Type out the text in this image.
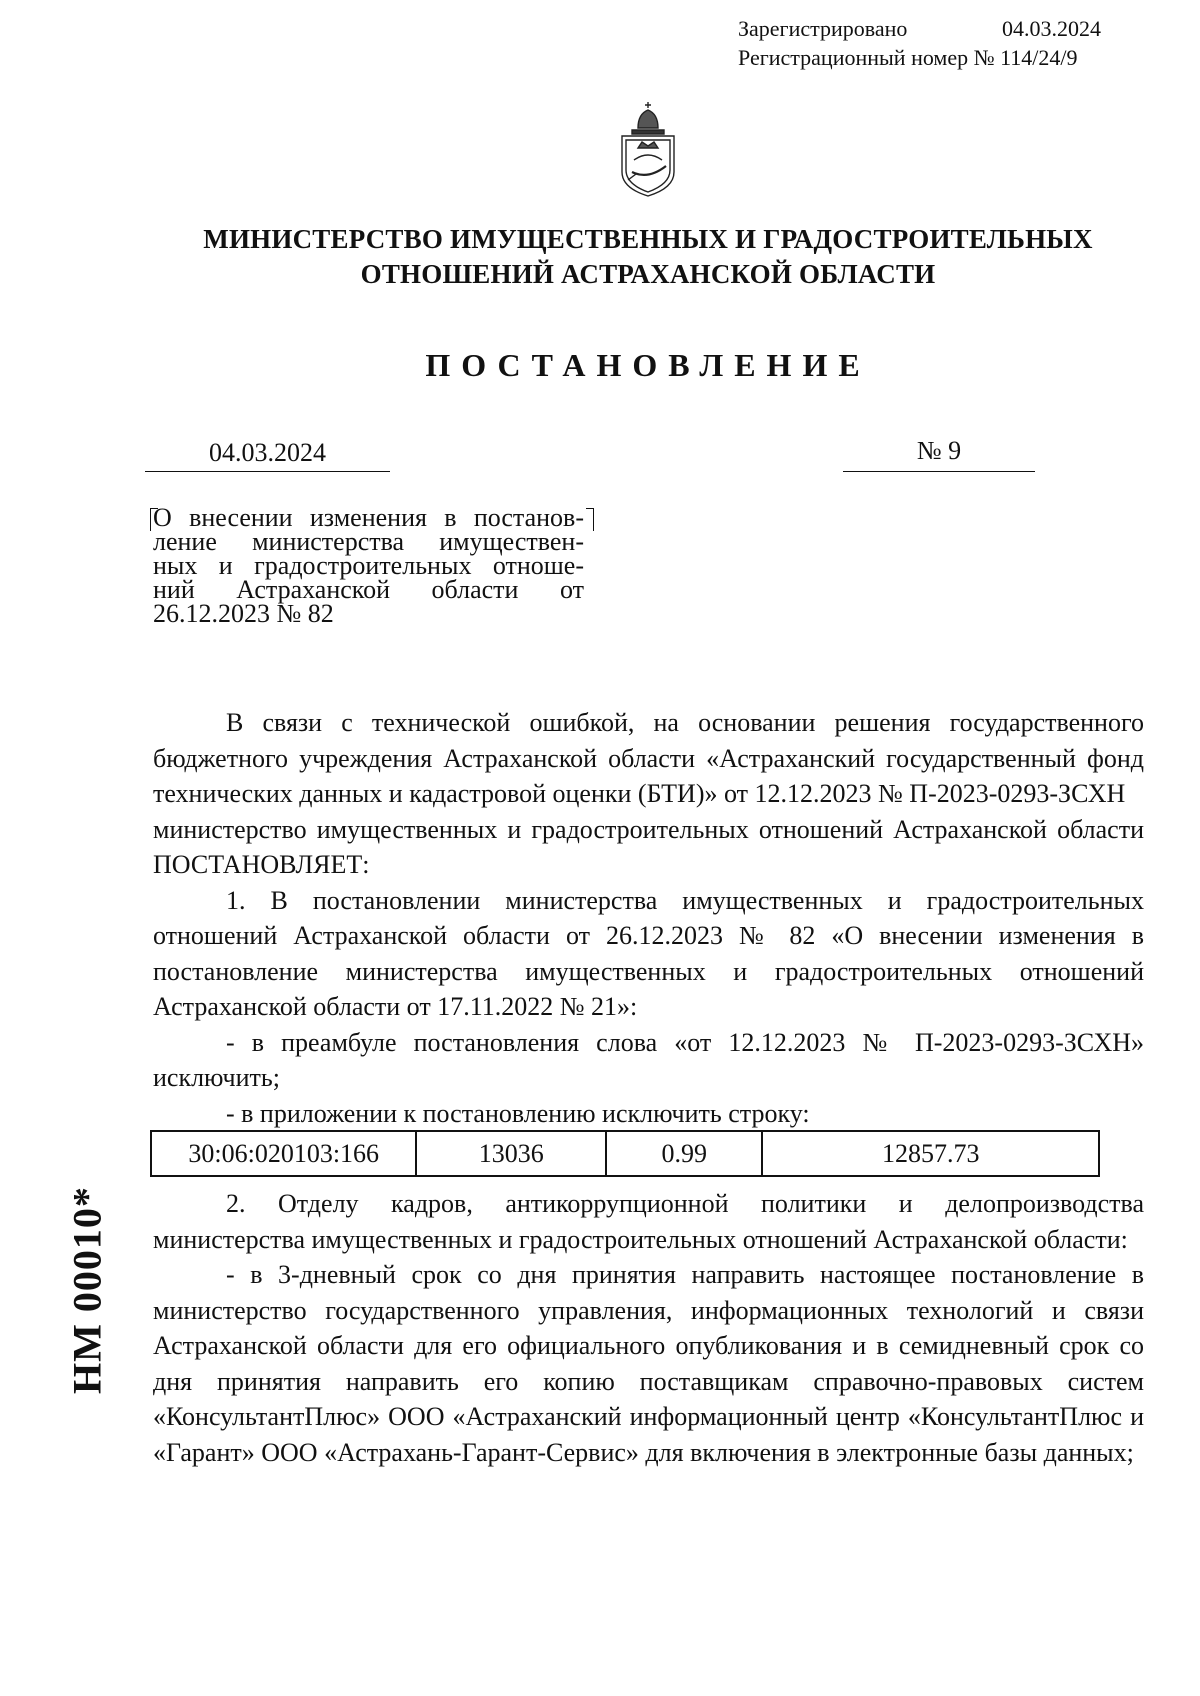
Зарегистрировано	04.03.2024
Регистрационный номер № 114/24/9
МИНИСТЕРСТВО ИМУЩЕСТВЕННЫХ И ГРАДОСТРОИТЕЛЬНЫХ
ОТНОШЕНИЙ АСТРАХАНСКОЙ ОБЛАСТИ
ПОСТАНОВЛЕНИЕ
04.03.2024	№ 9

О внесении изменения в постанов-

ление министерства имуществен-

ных и градостроительных отноше-

ний Астраханской области от

26.12.2023 № 82

В связи с технической ошибкой, на основании решения государственного бюджетного учреждения Астраханской области «Астраханский государственный фонд технических данных и кадастровой оценки (БТИ)» от 12.12.2023 № П-2023-0293-ЗСХН

министерство имущественных и градостроительных отношений Астраханской области ПОСТАНОВЛЯЕТ:

1. В постановлении министерства имущественных и градостроительных отношений Астраханской области от 26.12.2023 № 82 «О внесении изменения в постановление министерства имущественных и градостроительных отношений Астраханской области от 17.11.2022 № 21»:

- в преамбуле постановления слова «от 12.12.2023 № П-2023-0293-ЗСХН» исключить;

- в приложении к постановлению исключить строку:

30:06:020103:166	13036	0.99	12857.73

2. Отделу кадров, антикоррупционной политики и делопроизводства министерства имущественных и градостроительных отношений Астраханской области:

- в 3-дневный срок со дня принятия направить настоящее постановление в министерство государственного управления, информационных технологий и связи Астраханской области для его официального опубликования и в семидневный срок со дня принятия направить его копию поставщикам справочно-правовых систем «КонсультантПлюс» ООО «Астраханский информационный центр «КонсультантПлюс и «Гарант» ООО «Астрахань-Гарант-Сервис» для включения в электронные базы данных;

НМ 00010*
